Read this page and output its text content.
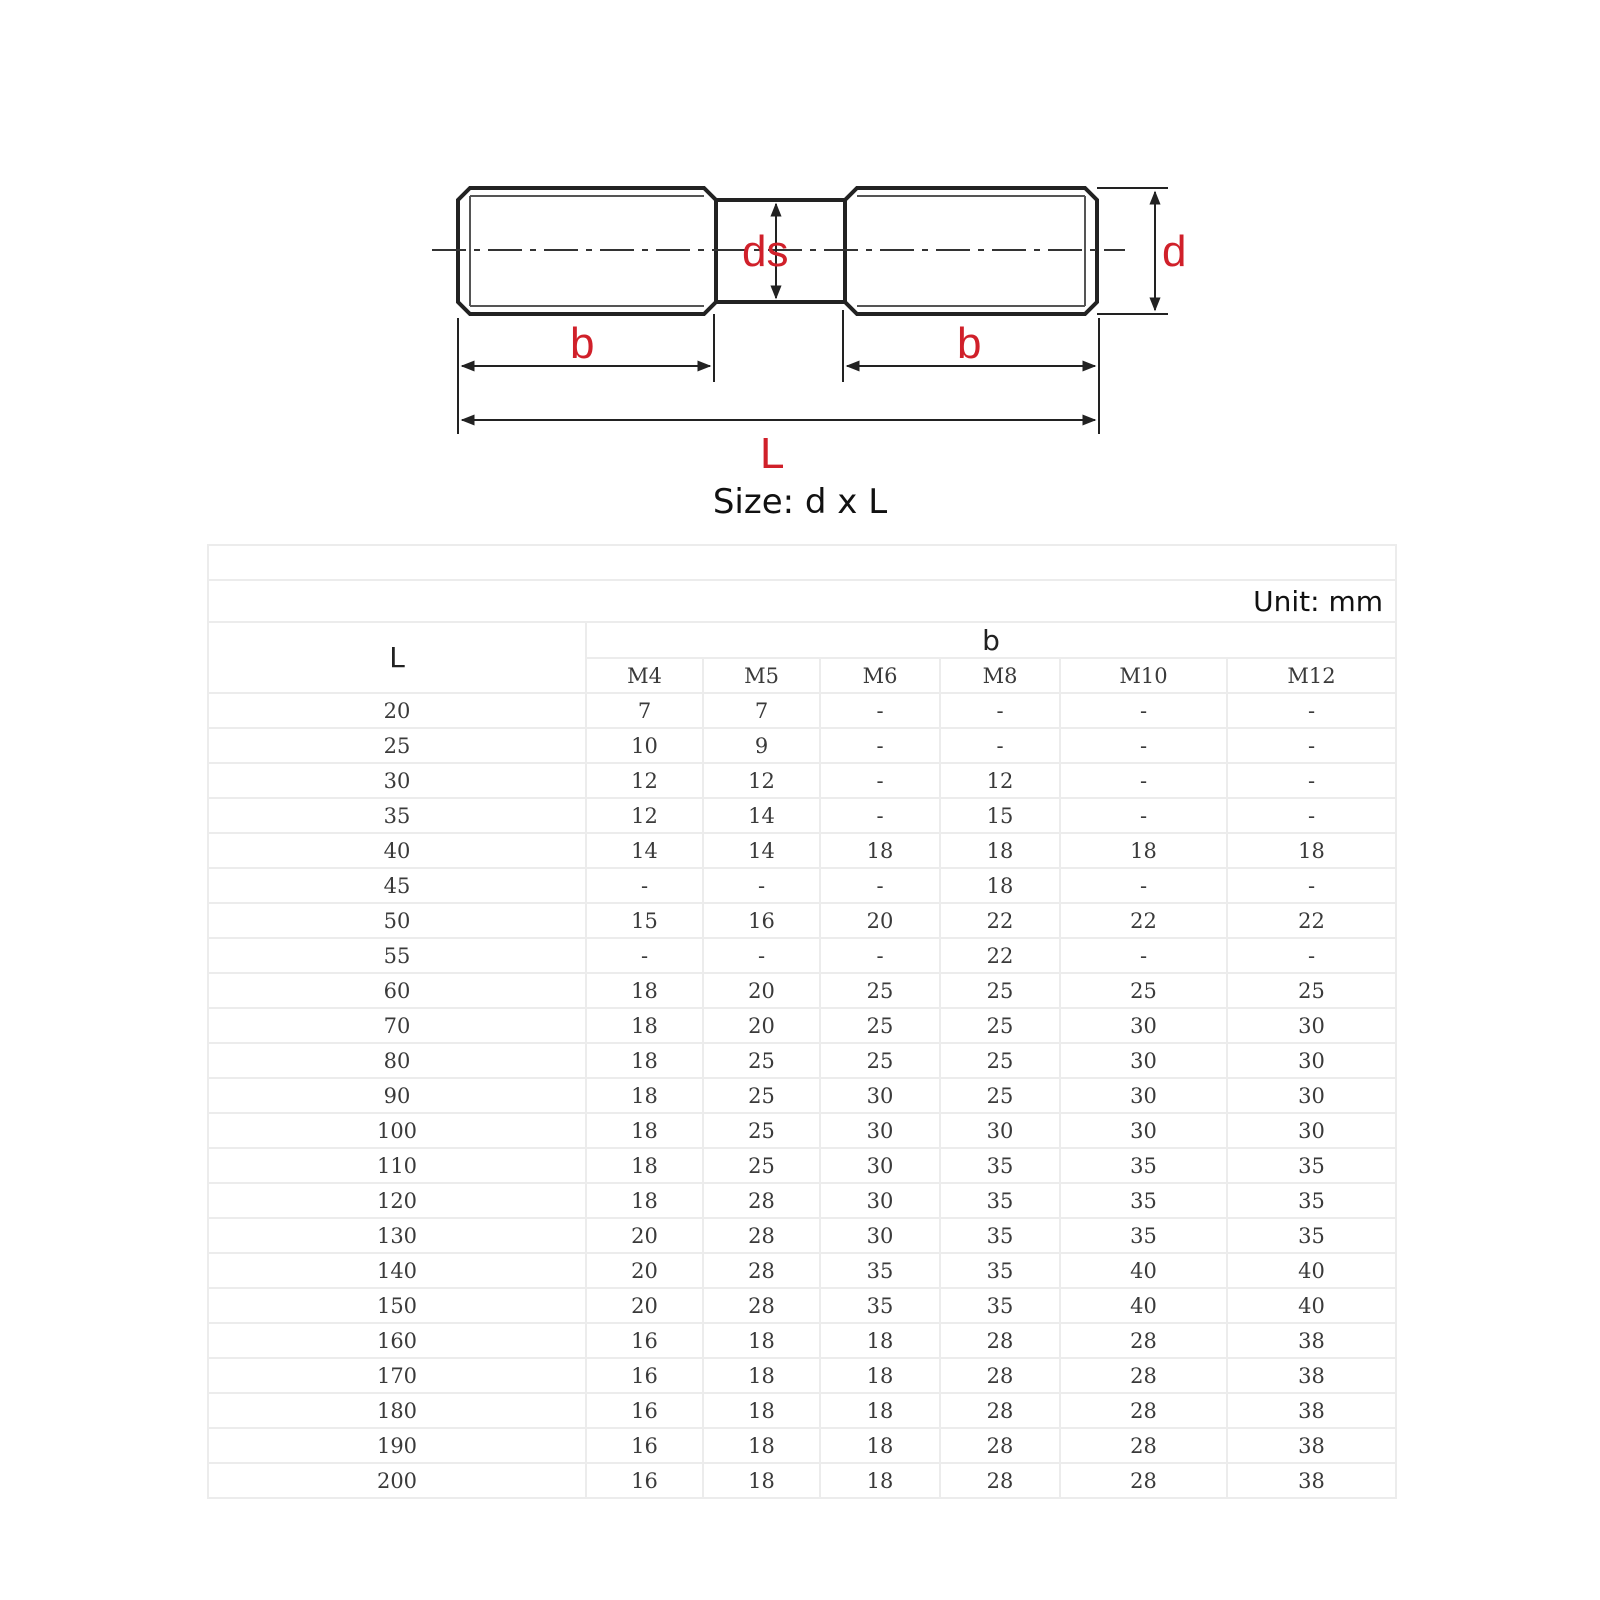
ds	d
b	b
L
Size: d x L

Unit: mm						
L	b					
	M4	M5	M6	M8	M10	M12
20	7	7	-	-	-	-
25	10	9	-	-	-	-
30	12	12	-	12	-	-
35	12	14	-	15	-	-
40	14	14	18	18	18	18
45	-	-	-	18	-	-
50	15	16	20	22	22	22
55	-	-	-	22	-	-
60	18	20	25	25	25	25
70	18	20	25	25	30	30
80	18	25	25	25	30	30
90	18	25	30	25	30	30
100	18	25	30	30	30	30
110	18	25	30	35	35	35
120	18	28	30	35	35	35
130	20	28	30	35	35	35
140	20	28	35	35	40	40
150	20	28	35	35	40	40
160	16	18	18	28	28	38
170	16	18	18	28	28	38
180	16	18	18	28	28	38
190	16	18	18	28	28	38
200	16	18	18	28	28	38
